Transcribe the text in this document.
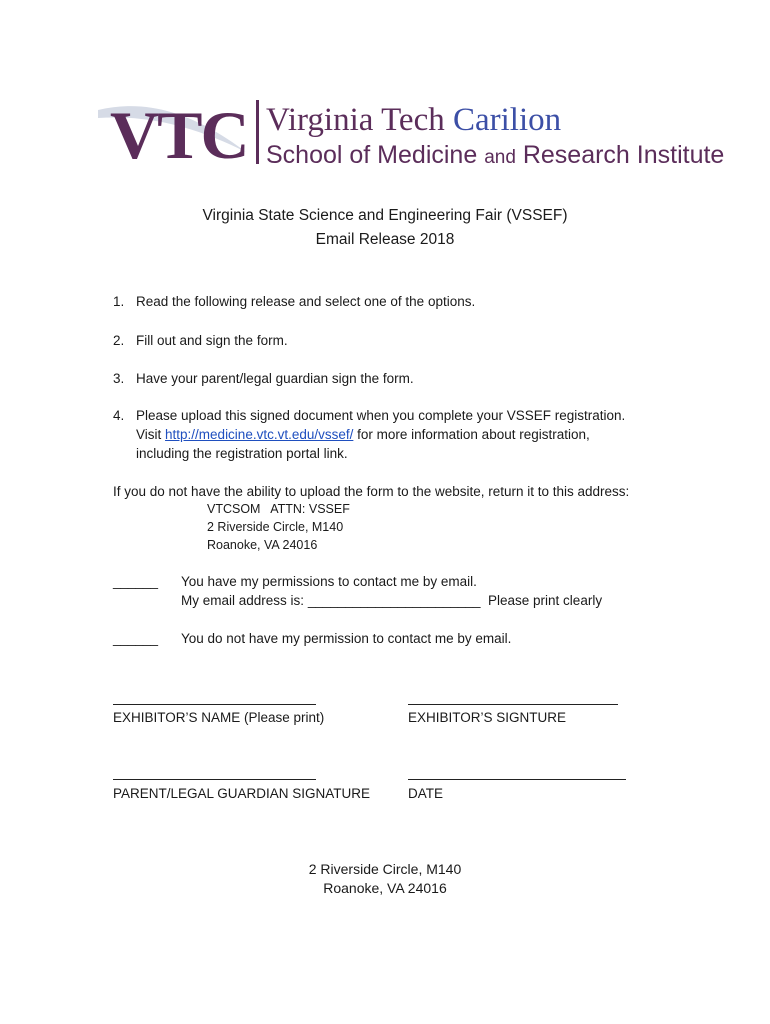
VTC Virginia Tech Carilion
School of Medicine and Research Institute
Virginia State Science and Engineering Fair (VSSEF)
Email Release 2018
1. Read the following release and select one of the options.
2. Fill out and sign the form.
3. Have your parent/legal guardian sign the form.
4. Please upload this signed document when you complete your VSSEF registration.
Visit http://medicine.vtc.vt.edu/vssef/ for more information about registration,
including the registration portal link.
If you do not have the ability to upload the form to the website, return it to this address:
VTCSOM   ATTN: VSSEF
2 Riverside Circle, M140
Roanoke, VA 24016
______ You have my permissions to contact me by email.
My email address is: _______________________ Please print clearly
______ You do not have my permission to contact me by email.
EXHIBITOR’S NAME (Please print)	EXHIBITOR’S SIGNTURE
PARENT/LEGAL GUARDIAN SIGNATURE	DATE
2 Riverside Circle, M140
Roanoke, VA 24016
